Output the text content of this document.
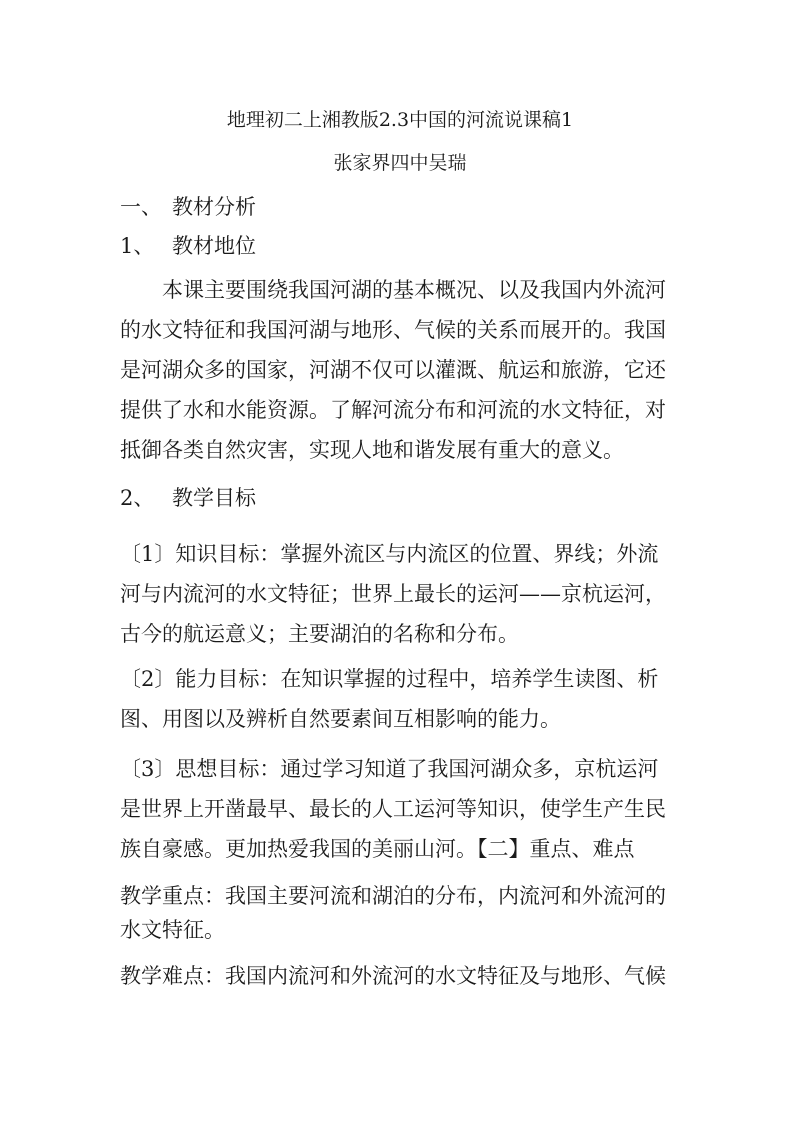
地理初二上湘教版2.3中国的河流说课稿1
张家界四中吴瑞
一、 教材分析
1、 教材地位
本课主要围绕我国河湖的基本概况、以及我国内外流河
的水文特征和我国河湖与地形、气候的关系而展开的。我国
是河湖众多的国家，河湖不仅可以灌溉、航运和旅游，它还
提供了水和水能资源。了解河流分布和河流的水文特征，对
抵御各类自然灾害，实现人地和谐发展有重大的意义。
2、 教学目标
〔1〕知识目标：掌握外流区与内流区的位置、界线；外流
河与内流河的水文特征；世界上最长的运河——京杭运河，
古今的航运意义；主要湖泊的名称和分布。
〔2〕能力目标：在知识掌握的过程中，培养学生读图、析
图、用图以及辨析自然要素间互相影响的能力。
〔3〕思想目标：通过学习知道了我国河湖众多，京杭运河
是世界上开凿最早、最长的人工运河等知识，使学生产生民
族自豪感。更加热爱我国的美丽山河。【二】重点、难点
教学重点：我国主要河流和湖泊的分布，内流河和外流河的
水文特征。
教学难点：我国内流河和外流河的水文特征及与地形、气候
